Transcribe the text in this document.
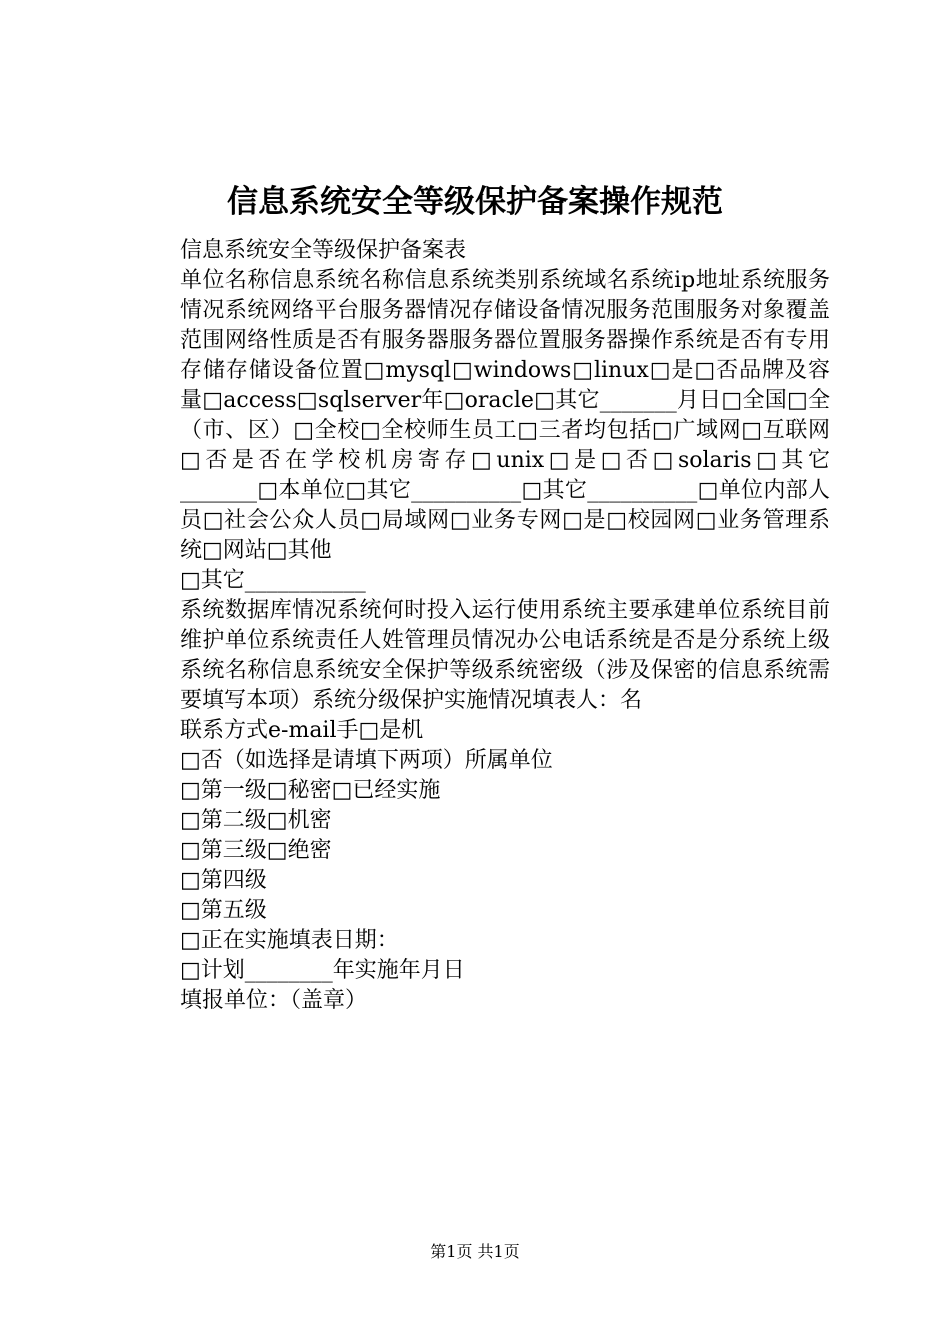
信息系统安全等级保护备案操作规范

信息系统安全等级保护备案表

单位名称信息系统名称信息系统类别系统域名系统ip地址系统服务情况系统网络平台服务器情况存储设备情况服务范围服务对象覆盖范围网络性质是否有服务器服务器位置服务器操作系统是否有专用存储存储设备位置□mysql□windows□linux□是□否品牌及容量□access□sqlserver年□oracle□其它_______月日□全国□全（市、区）□全校□全校师生员工□三者均包括□广域网□互联网□否是否在学校机房寄存□unix□是□否□solaris□其它_______□本单位□其它__________□其它__________□单位内部人员□社会公众人员□局域网□业务专网□是□校园网□业务管理系统□网站□其他

□其它___________

系统数据库情况系统何时投入运行使用系统主要承建单位系统目前维护单位系统责任人姓管理员情况办公电话系统是否是分系统上级系统名称信息系统安全保护等级系统密级（涉及保密的信息系统需要填写本项）系统分级保护实施情况填表人：名

联系方式e-mail手□是机

□否（如选择是请填下两项）所属单位

□第一级□秘密□已经实施

□第二级□机密

□第三级□绝密

□第四级

□第五级

□正在实施填表日期：

□计划________年实施年月日

填报单位：（盖章）

第1页 共1页
